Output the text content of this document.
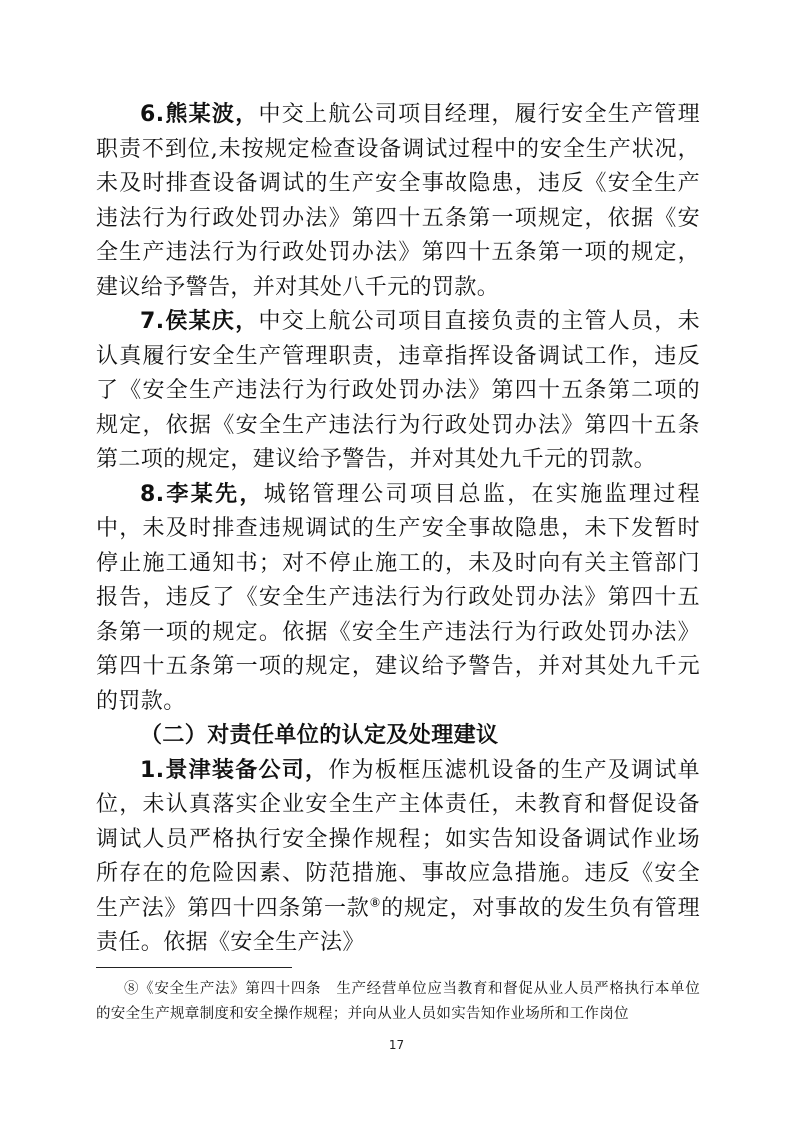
6.熊某波，中交上航公司项目经理，履行安全生产管理职责不到位,未按规定检查设备调试过程中的安全生产状况，未及时排查设备调试的生产安全事故隐患，违反《安全生产违法行为行政处罚办法》第四十五条第一项规定，依据《安全生产违法行为行政处罚办法》第四十五条第一项的规定，建议给予警告，并对其处八千元的罚款。

7.侯某庆，中交上航公司项目直接负责的主管人员，未认真履行安全生产管理职责，违章指挥设备调试工作，违反了《安全生产违法行为行政处罚办法》第四十五条第二项的规定，依据《安全生产违法行为行政处罚办法》第四十五条第二项的规定，建议给予警告，并对其处九千元的罚款。

8.李某先，城铭管理公司项目总监，在实施监理过程中，未及时排查违规调试的生产安全事故隐患，未下发暂时停止施工通知书；对不停止施工的，未及时向有关主管部门报告，违反了《安全生产违法行为行政处罚办法》第四十五条第一项的规定。依据《安全生产违法行为行政处罚办法》第四十五条第一项的规定，建议给予警告，并对其处九千元的罚款。

（二）对责任单位的认定及处理建议

1.景津装备公司，作为板框压滤机设备的生产及调试单位，未认真落实企业安全生产主体责任，未教育和督促设备调试人员严格执行安全操作规程；如实告知设备调试作业场所存在的危险因素、防范措施、事故应急措施。违反《安全生产法》第四十四条第一款⑧的规定，对事故的发生负有管理责任。依据《安全生产法》

⑧《安全生产法》第四十四条　生产经营单位应当教育和督促从业人员严格执行本单位的安全生产规章制度和安全操作规程；并向从业人员如实告知作业场所和工作岗位

17
